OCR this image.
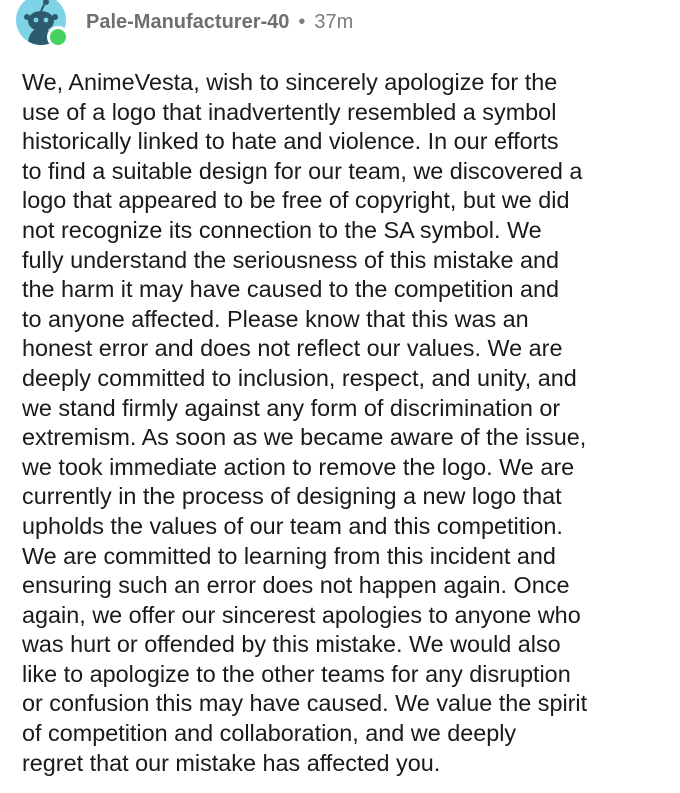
Pale-Manufacturer-40 • 37m
We, AnimeVesta, wish to sincerely apologize for the
use of a logo that inadvertently resembled a symbol
historically linked to hate and violence. In our efforts
to find a suitable design for our team, we discovered a
logo that appeared to be free of copyright, but we did
not recognize its connection to the SA symbol. We
fully understand the seriousness of this mistake and
the harm it may have caused to the competition and
to anyone affected. Please know that this was an
honest error and does not reflect our values. We are
deeply committed to inclusion, respect, and unity, and
we stand firmly against any form of discrimination or
extremism. As soon as we became aware of the issue,
we took immediate action to remove the logo. We are
currently in the process of designing a new logo that
upholds the values of our team and this competition.
We are committed to learning from this incident and
ensuring such an error does not happen again. Once
again, we offer our sincerest apologies to anyone who
was hurt or offended by this mistake. We would also
like to apologize to the other teams for any disruption
or confusion this may have caused. We value the spirit
of competition and collaboration, and we deeply
regret that our mistake has affected you.
